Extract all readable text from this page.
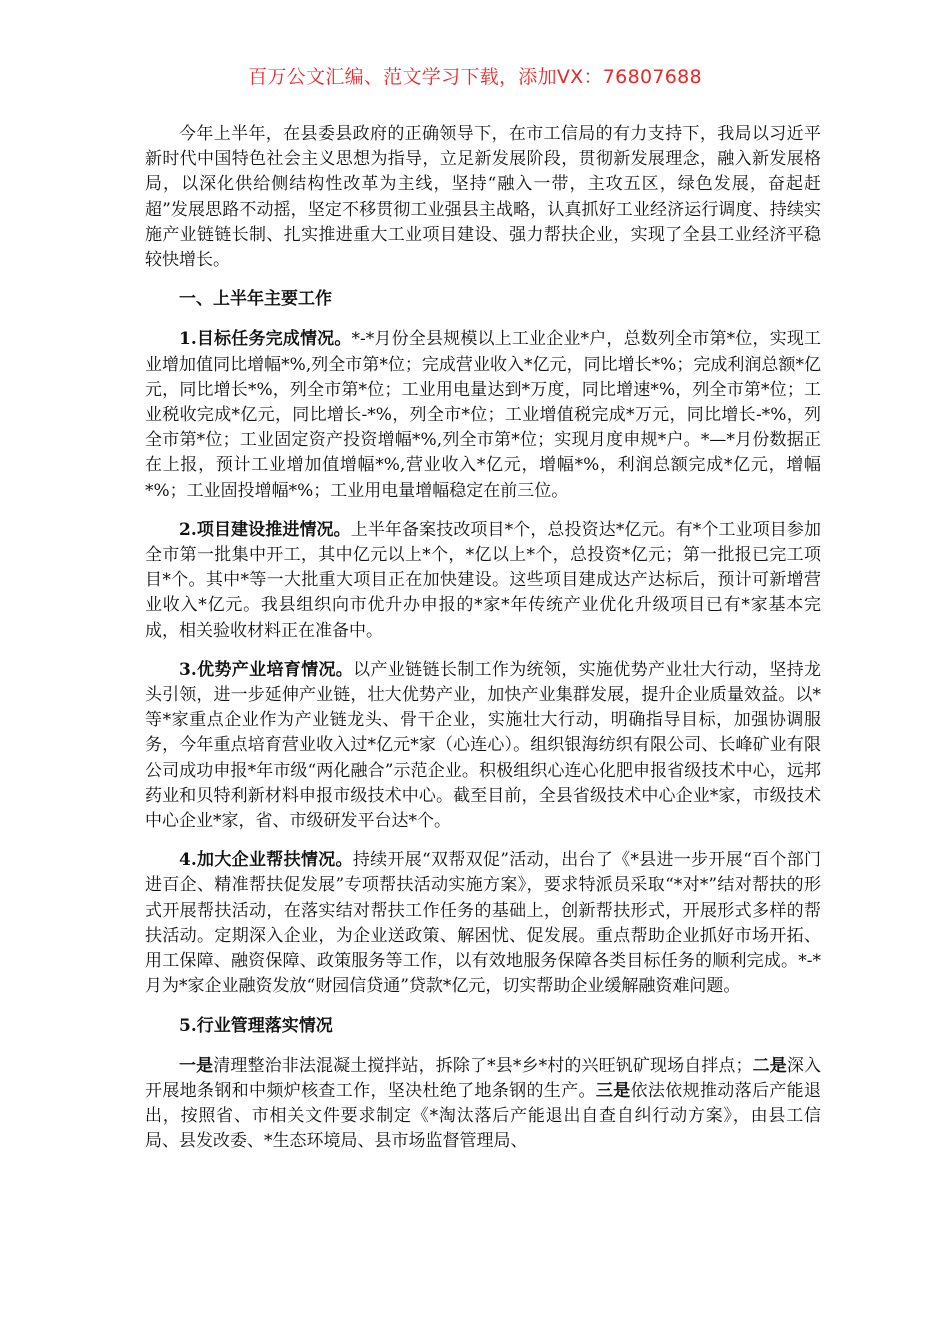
百万公文汇编、范文学习下载，添加VX：76807688

今年上半年，在县委县政府的正确领导下，在市工信局的有力支持下，我局以习近平新时代中国特色社会主义思想为指导，立足新发展阶段，贯彻新发展理念，融入新发展格局，以深化供给侧结构性改革为主线，坚持“融入一带，主攻五区，绿色发展，奋起赶超”发展思路不动摇，坚定不移贯彻工业强县主战略，认真抓好工业经济运行调度、持续实施产业链链长制、扎实推进重大工业项目建设、强力帮扶企业，实现了全县工业经济平稳较快增长。

一、上半年主要工作

1.目标任务完成情况。*-*月份全县规模以上工业企业*户，总数列全市第*位，实现工业增加值同比增幅*%,列全市第*位；完成营业收入*亿元，同比增长*%；完成利润总额*亿元，同比增长*%，列全市第*位；工业用电量达到*万度，同比增速*%，列全市第*位；工业税收完成*亿元，同比增长-*%，列全市*位；工业增值税完成*万元，同比增长-*%，列全市第*位；工业固定资产投资增幅*%,列全市第*位；实现月度申规*户。*—*月份数据正在上报，预计工业增加值增幅*%,营业收入*亿元，增幅*%，利润总额完成*亿元，增幅*%；工业固投增幅*%；工业用电量增幅稳定在前三位。

2.项目建设推进情况。上半年备案技改项目*个，总投资达*亿元。有*个工业项目参加全市第一批集中开工，其中亿元以上*个，*亿以上*个，总投资*亿元；第一批报已完工项目*个。其中*等一大批重大项目正在加快建设。这些项目建成达产达标后，预计可新增营业收入*亿元。我县组织向市优升办申报的*家*年传统产业优化升级项目已有*家基本完成，相关验收材料正在准备中。

3.优势产业培育情况。以产业链链长制工作为统领，实施优势产业壮大行动，坚持龙头引领，进一步延伸产业链，壮大优势产业，加快产业集群发展，提升企业质量效益。以*等*家重点企业作为产业链龙头、骨干企业，实施壮大行动，明确指导目标，加强协调服务，今年重点培育营业收入过*亿元*家（心连心）。组织银海纺织有限公司、长峰矿业有限公司成功申报*年市级“两化融合”示范企业。积极组织心连心化肥申报省级技术中心，远邦药业和贝特利新材料申报市级技术中心。截至目前，全县省级技术中心企业*家，市级技术中心企业*家，省、市级研发平台达*个。

4.加大企业帮扶情况。持续开展“双帮双促”活动，出台了《*县进一步开展“百个部门进百企、精准帮扶促发展”专项帮扶活动实施方案》，要求特派员采取“*对*”结对帮扶的形式开展帮扶活动，在落实结对帮扶工作任务的基础上，创新帮扶形式，开展形式多样的帮扶活动。定期深入企业，为企业送政策、解困忧、促发展。重点帮助企业抓好市场开拓、用工保障、融资保障、政策服务等工作，以有效地服务保障各类目标任务的顺利完成。*-*月为*家企业融资发放“财园信贷通”贷款*亿元，切实帮助企业缓解融资难问题。

5.行业管理落实情况

一是清理整治非法混凝土搅拌站，拆除了*县*乡*村的兴旺钒矿现场自拌点；二是深入开展地条钢和中频炉核查工作，坚决杜绝了地条钢的生产。三是依法依规推动落后产能退出，按照省、市相关文件要求制定《*淘汰落后产能退出自查自纠行动方案》，由县工信局、县发改委、*生态环境局、县市场监督管理局、
